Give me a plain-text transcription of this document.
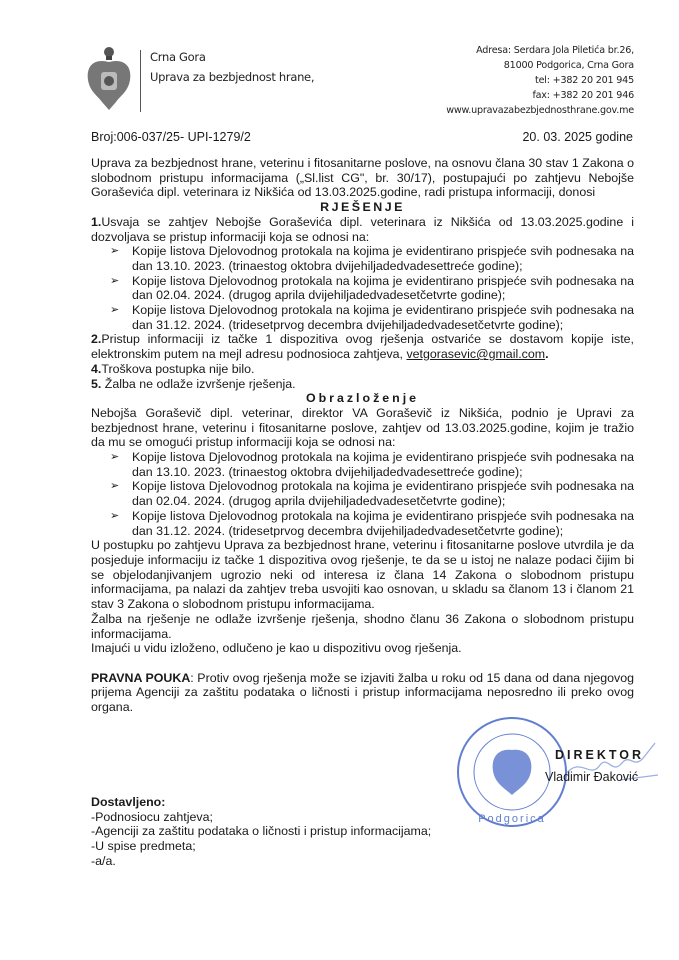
Crna Gora
Uprava za bezbjednost hrane,
Adresa: Serdara Jola Piletića br.26,
81000 Podgorica, Crna Gora
tel: +382 20 201 945
fax: +382 20 201 946
www.upravazabezbjednosthrane.gov.me
Broj:006-037/25- UPI-1279/2	20. 03. 2025 godine

Uprava za bezbjednost hrane, veterinu i fitosanitarne poslove, na osnovu člana 30 stav 1 Zakona o slobodnom pristupu informacijama („Sl.list CG", br. 30/17), postupajući po zahtjevu Nebojše Goraševića dipl. veterinara iz Nikšića od 13.03.2025.godine, radi pristupa informaciji, donosi

RJEŠENJE

1.Usvaja se zahtjev Nebojše Goraševića dipl. veterinara iz Nikšića od 13.03.2025.godine i dozvoljava se pristup informaciji koja se odnosi na:

➢ Kopije listova Djelovodnog protokala na kojima je evidentirano prispjeće svih podnesaka na dan 13.10. 2023. (trinaestog oktobra dvijehiljadedvadesettreće godine);
➢ Kopije listova Djelovodnog protokala na kojima je evidentirano prispjeće svih podnesaka na dan 02.04. 2024. (drugog aprila dvijehiljadedvadesetčetvrte godine);
➢ Kopije listova Djelovodnog protokala na kojima je evidentirano prispjeće svih podnesaka na dan 31.12. 2024. (tridesetprvog decembra dvijehiljadedvadesetčetvrte godine);

2.Pristup informaciji iz tačke 1 dispozitiva ovog rješenja ostvariće se dostavom kopije iste, elektronskim putem na mejl adresu podnosioca zahtjeva, vetgorasevic@gmail.com.

4.Troškova postupka nije bilo.

5. Žalba ne odlaže izvršenje rješenja.

Obrazloženje

Nebojša Goraševič dipl. veterinar, direktor VA Goraševič iz Nikšića, podnio je Upravi za bezbjednost hrane, veterinu i fitosanitarne poslove, zahtjev od 13.03.2025.godine, kojim je tražio da mu se omogući pristup informaciji koja se odnosi na:

➢ Kopije listova Djelovodnog protokala na kojima je evidentirano prispjeće svih podnesaka na dan 13.10. 2023. (trinaestog oktobra dvijehiljadedvadesettreće godine);
➢ Kopije listova Djelovodnog protokala na kojima je evidentirano prispjeće svih podnesaka na dan 02.04. 2024. (drugog aprila dvijehiljadedvadesetčetvrte godine);
➢ Kopije listova Djelovodnog protokala na kojima je evidentirano prispjeće svih podnesaka na dan 31.12. 2024. (tridesetprvog decembra dvijehiljadedvadesetčetvrte godine);

U postupku po zahtjevu Uprava za bezbjednost hrane, veterinu i fitosanitarne poslove utvrdila je da posjeduje informaciju iz tačke 1 dispozitiva ovog rješenje, te da se u istoj ne nalaze podaci čijim bi se objelodanjivanjem ugrozio neki od interesa iz člana 14 Zakona o slobodnom pristupu informacijama, pa nalazi da zahtjev treba usvojiti kao osnovan, u skladu sa članom 13 i članom 21 stav 3 Zakona o slobodnom pristupu informacijama.

Žalba na rješenje ne odlaže izvršenje rješenja, shodno članu 36 Zakona o slobodnom pristupu informacijama.

Imajući u vidu izloženo, odlučeno je kao u dispozitivu ovog rješenja.

PRAVNA POUKA: Protiv ovog rješenja može se izjaviti žalba u roku od 15 dana od dana njegovog prijema Agenciji za zaštitu podataka o ličnosti i pristup informacijama neposredno ili preko ovog organa.

Podgorica
DIREKTOR
Vladimir Đaković
Dostavljeno:
-Podnosiocu zahtjeva;
-Agenciji za zaštitu podataka o ličnosti i pristup informacijama;
-U spise predmeta;
-a/a.
